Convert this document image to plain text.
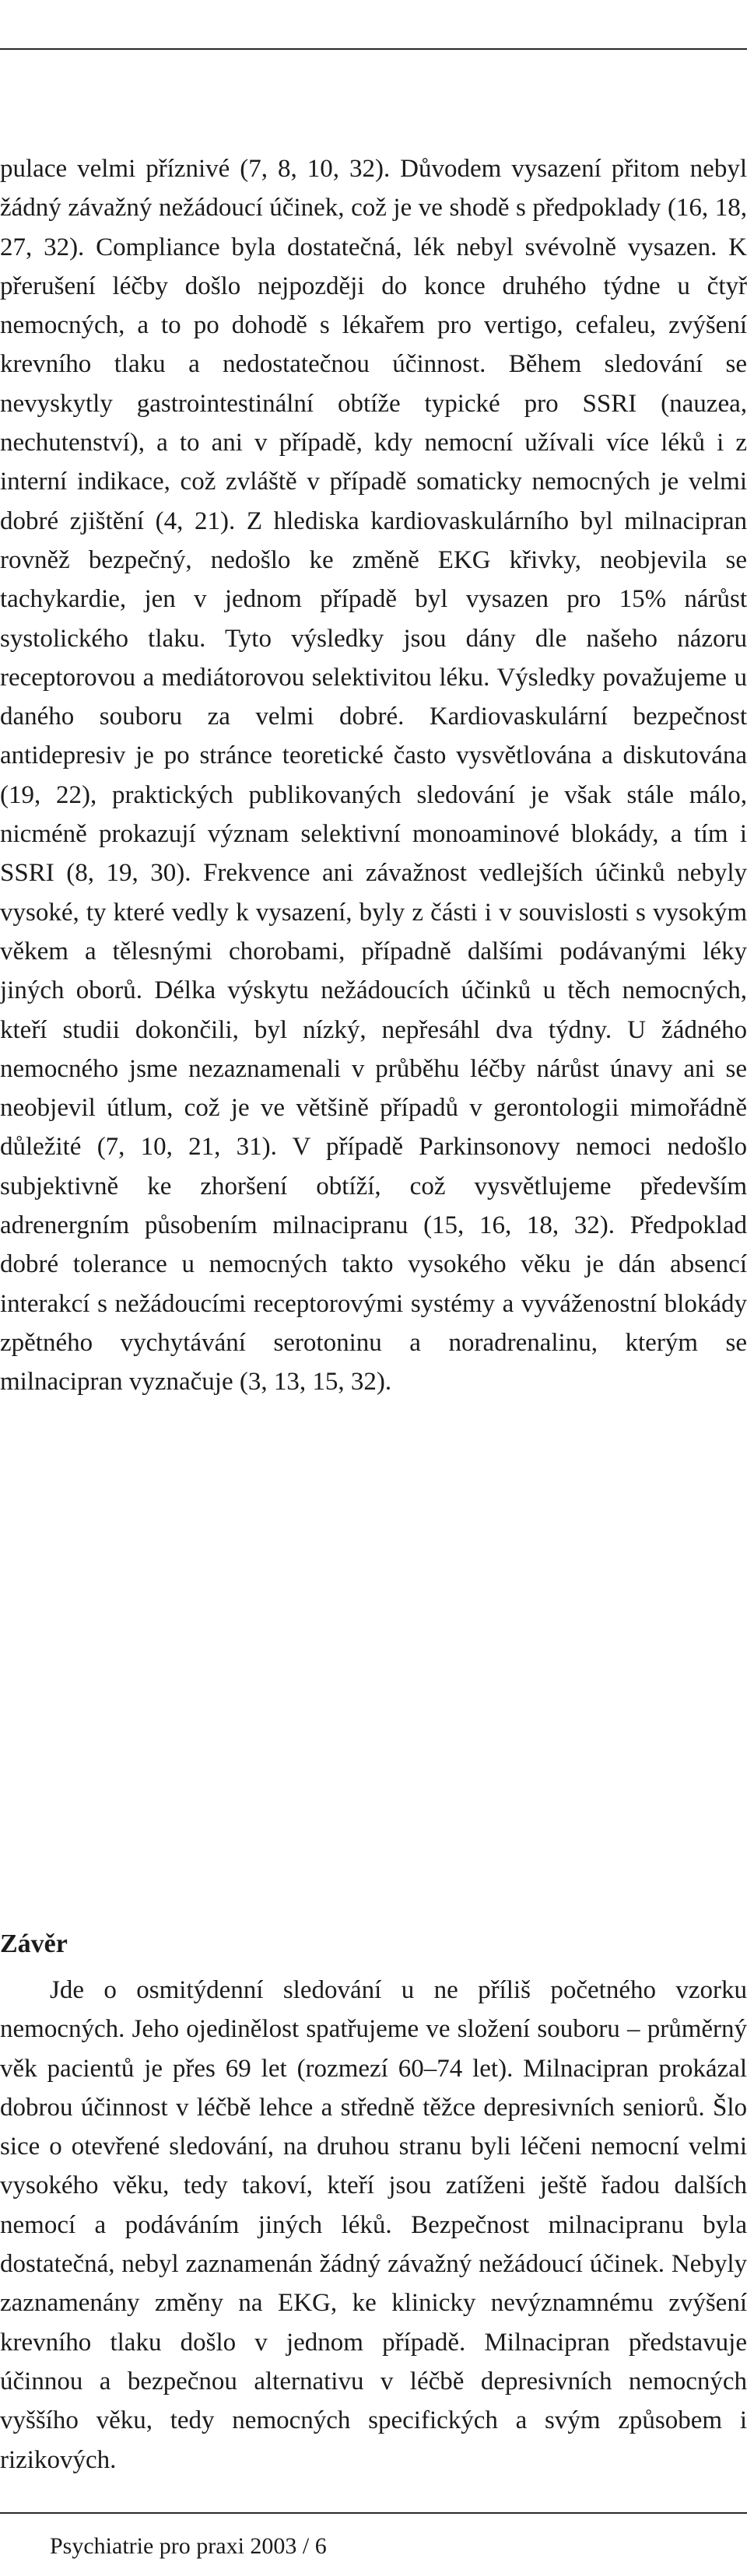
pulace velmi příznivé (7, 8, 10, 32). Důvodem vysazení přitom nebyl žádný závažný nežádoucí účinek, což je ve shodě s předpoklady (16, 18, 27, 32). Compliance byla dostatečná, lék nebyl svévolně vysazen. K přerušení léčby došlo nejpozději do konce druhého týdne u čtyř nemocných, a to po dohodě s lékařem pro vertigo, cefaleu, zvýšení krevního tlaku a nedostatečnou účinnost. Během sledování se nevyskytly gastrointestinální obtíže typické pro SSRI (nauzea, nechutenství), a to ani v případě, kdy nemocní užívali více léků i z interní indikace, což zvláště v případě somaticky nemocných je velmi dobré zjištění (4, 21). Z hlediska kardiovaskulárního byl milnacipran rovněž bezpečný, nedošlo ke změně EKG křivky, neobjevila se tachykardie, jen v jednom případě byl vysazen pro 15% nárůst systolického tlaku. Tyto výsledky jsou dány dle našeho názoru receptorovou a mediátorovou selektivitou léku. Výsledky považujeme u daného souboru za velmi dobré. Kardiovaskulární bezpečnost antidepresiv je po stránce teoretické často vysvětlována a diskutována (19, 22), praktických publikovaných sledování je však stále málo, nicméně prokazují význam selektivní monoaminové blokády, a tím i SSRI (8, 19, 30). Frekvence ani závažnost vedlejších účinků nebyly vysoké, ty které vedly k vysazení, byly z části i v souvislosti s vysokým věkem a tělesnými chorobami, případně dalšími podávanými léky jiných oborů. Délka výskytu nežádoucích účinků u těch nemocných, kteří studii dokončili, byl nízký, nepřesáhl dva týdny. U žádného nemocného jsme nezaznamenali v průběhu léčby nárůst únavy ani se neobjevil útlum, což je ve většině případů v gerontologii mimořádně důležité (7, 10, 21, 31). V případě Parkinsonovy nemoci nedošlo subjektivně ke zhoršení obtíží, což vysvětlujeme především adrenergním působením milnacipranu (15, 16, 18, 32). Předpoklad dobré tolerance u nemocných takto vysokého věku je dán absencí interakcí s nežádoucími receptorovými systémy a vyváženostní blokády zpětného vychytávání serotoninu a noradrenalinu, kterým se milnacipran vyznačuje (3, 13, 15, 32).

Závěr

Jde o osmitýdenní sledování u ne příliš početného vzorku nemocných. Jeho ojedinělost spatřujeme ve složení souboru – průměrný věk pacientů je přes 69 let (rozmezí 60–74 let). Milnacipran prokázal dobrou účinnost v léčbě lehce a středně těžce depresivních seniorů. Šlo sice o otevřené sledování, na druhou stranu byli léčeni nemocní velmi vysokého věku, tedy takoví, kteří jsou zatíženi ještě řadou dalších nemocí a podáváním jiných léků. Bezpečnost milnacipranu byla dostatečná, nebyl zaznamenán žádný závažný nežádoucí účinek. Nebyly zaznamenány změny na EKG, ke klinicky nevýznamnému zvýšení krevního tlaku došlo v jednom případě. Milnacipran představuje účinnou a bezpečnou alternativu v léčbě depresivních nemocných vyššího věku, tedy nemocných specifických a svým způsobem i rizikových.

Psychiatrie pro praxi 2003 / 6
